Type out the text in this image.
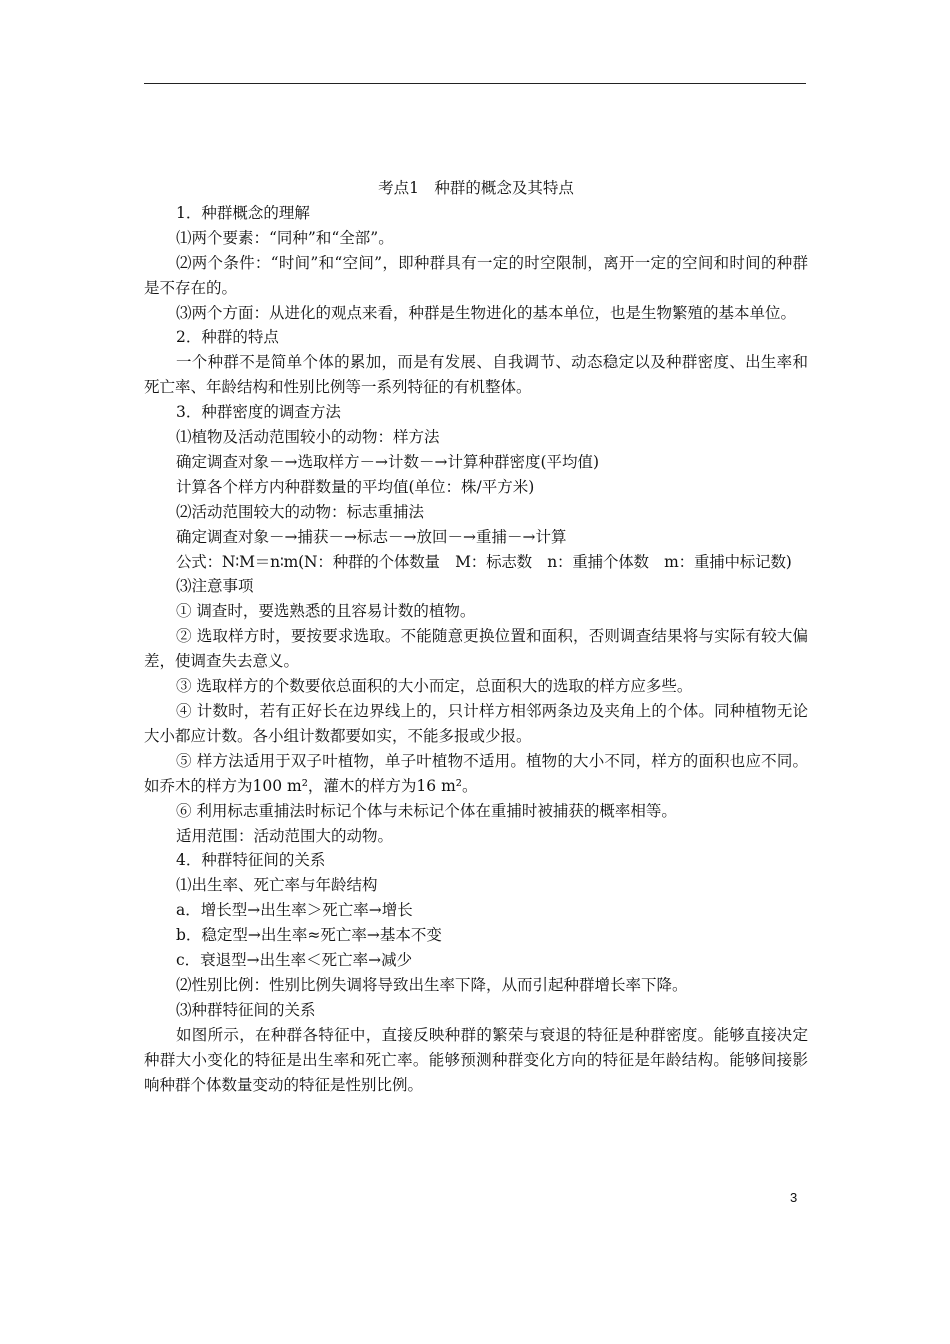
考点1　种群的概念及其特点

1．种群概念的理解

⑴两个要素：“同种”和“全部”。

⑵两个条件：“时间”和“空间”，即种群具有一定的时空限制，离开一定的空间和时间的种群是不存在的。

⑶两个方面：从进化的观点来看，种群是生物进化的基本单位，也是生物繁殖的基本单位。

2．种群的特点

一个种群不是简单个体的累加，而是有发展、自我调节、动态稳定以及种群密度、出生率和死亡率、年龄结构和性别比例等一系列特征的有机整体。

3．种群密度的调查方法

⑴植物及活动范围较小的动物：样方法

确定调查对象－→选取样方－→计数－→计算种群密度(平均值)

计算各个样方内种群数量的平均值(单位：株/平方米)

⑵活动范围较大的动物：标志重捕法

确定调查对象－→捕获－→标志－→放回－→重捕－→计算

公式：N∶M＝n∶m(N：种群的个体数量　M：标志数　n：重捕个体数　m：重捕中标记数)

⑶注意事项

① 调查时，要选熟悉的且容易计数的植物。

② 选取样方时，要按要求选取。不能随意更换位置和面积，否则调查结果将与实际有较大偏差，使调查失去意义。

③ 选取样方的个数要依总面积的大小而定，总面积大的选取的样方应多些。

④ 计数时，若有正好长在边界线上的，只计样方相邻两条边及夹角上的个体。同种植物无论大小都应计数。各小组计数都要如实，不能多报或少报。

⑤ 样方法适用于双子叶植物，单子叶植物不适用。植物的大小不同，样方的面积也应不同。如乔木的样方为100 m²，灌木的样方为16 m²。

⑥ 利用标志重捕法时标记个体与未标记个体在重捕时被捕获的概率相等。

适用范围：活动范围大的动物。

4．种群特征间的关系

⑴出生率、死亡率与年龄结构

a．增长型→出生率＞死亡率→增长

b．稳定型→出生率≈死亡率→基本不变

c．衰退型→出生率＜死亡率→减少

⑵性别比例：性别比例失调将导致出生率下降，从而引起种群增长率下降。

⑶种群特征间的关系

如图所示，在种群各特征中，直接反映种群的繁荣与衰退的特征是种群密度。能够直接决定种群大小变化的特征是出生率和死亡率。能够预测种群变化方向的特征是年龄结构。能够间接影响种群个体数量变动的特征是性别比例。

3
